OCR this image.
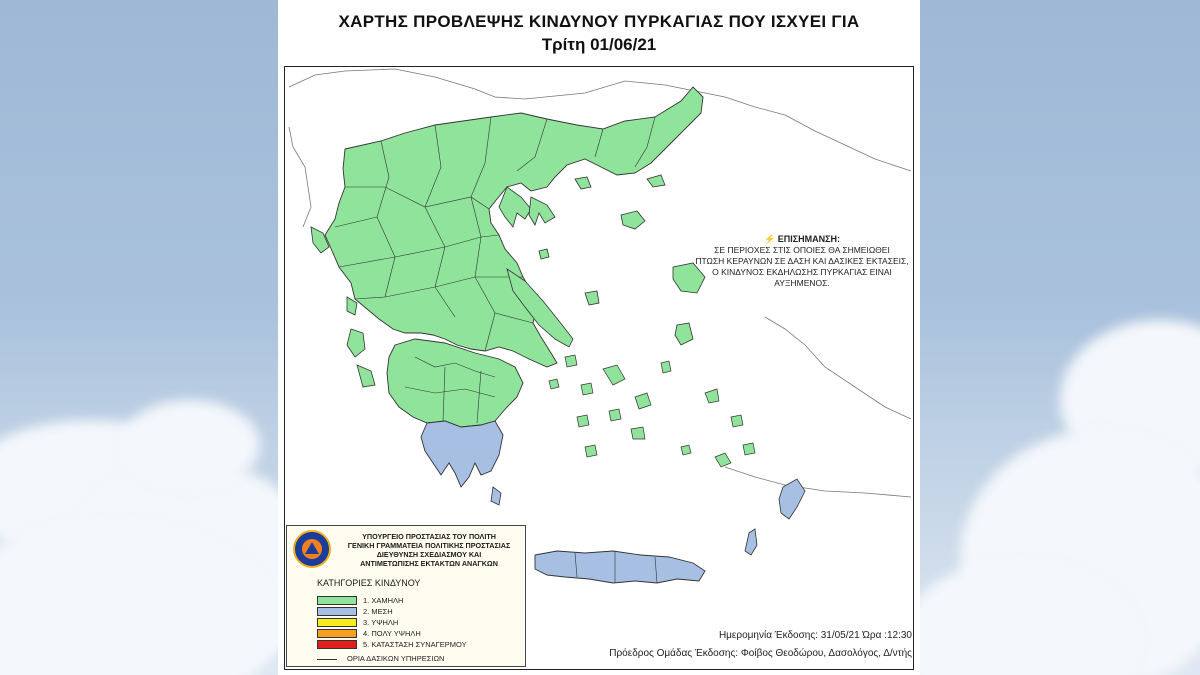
ΧΑΡΤΗΣ ΠΡΟΒΛΕΨΗΣ ΚΙΝΔΥΝΟΥ ΠΥΡΚΑΓΙΑΣ ΠΟΥ ΙΣΧΥΕΙ ΓΙΑ
Τρίτη 01/06/21
⚡ ΕΠΙΣΗΜΑΝΣΗ:
ΣΕ ΠΕΡΙΟΧΕΣ ΣΤΙΣ ΟΠΟΙΕΣ ΘΑ ΣΗΜΕΙΩΘΕΙ
ΠΤΩΣΗ ΚΕΡΑΥΝΩΝ ΣΕ ΔΑΣΗ ΚΑΙ ΔΑΣΙΚΕΣ ΕΚΤΑΣΕΙΣ,
Ο ΚΙΝΔΥΝΟΣ ΕΚΔΗΛΩΣΗΣ ΠΥΡΚΑΓΙΑΣ ΕΙΝΑΙ ΑΥΞΗΜΕΝΟΣ.
ΥΠΟΥΡΓΕΙΟ ΠΡΟΣΤΑΣΙΑΣ ΤΟΥ ΠΟΛΙΤΗ
ΓΕΝΙΚΗ ΓΡΑΜΜΑΤΕΙΑ ΠΟΛΙΤΙΚΗΣ ΠΡΟΣΤΑΣΙΑΣ
ΔΙΕΥΘΥΝΣΗ ΣΧΕΔΙΑΣΜΟΥ ΚΑΙ
ΑΝΤΙΜΕΤΩΠΙΣΗΣ ΕΚΤΑΚΤΩΝ ΑΝΑΓΚΩΝ
ΚΑΤΗΓΟΡΙΕΣ ΚΙΝΔΥΝΟΥ
1. ΧΑΜΗΛΗ
2. ΜΕΣΗ
3. ΥΨΗΛΗ
4. ΠΟΛΥ ΥΨΗΛΗ
5. ΚΑΤΑΣΤΑΣΗ ΣΥΝΑΓΕΡΜΟΥ
ΟΡΙΑ ΔΑΣΙΚΩΝ ΥΠΗΡΕΣΙΩΝ
Ημερομηνία Έκδοσης: 31/05/21 Ώρα :12:30
Πρόεδρος Ομάδας Έκδοσης: Φοίβος Θεοδώρου, Δασολόγος, Δ/ντής
